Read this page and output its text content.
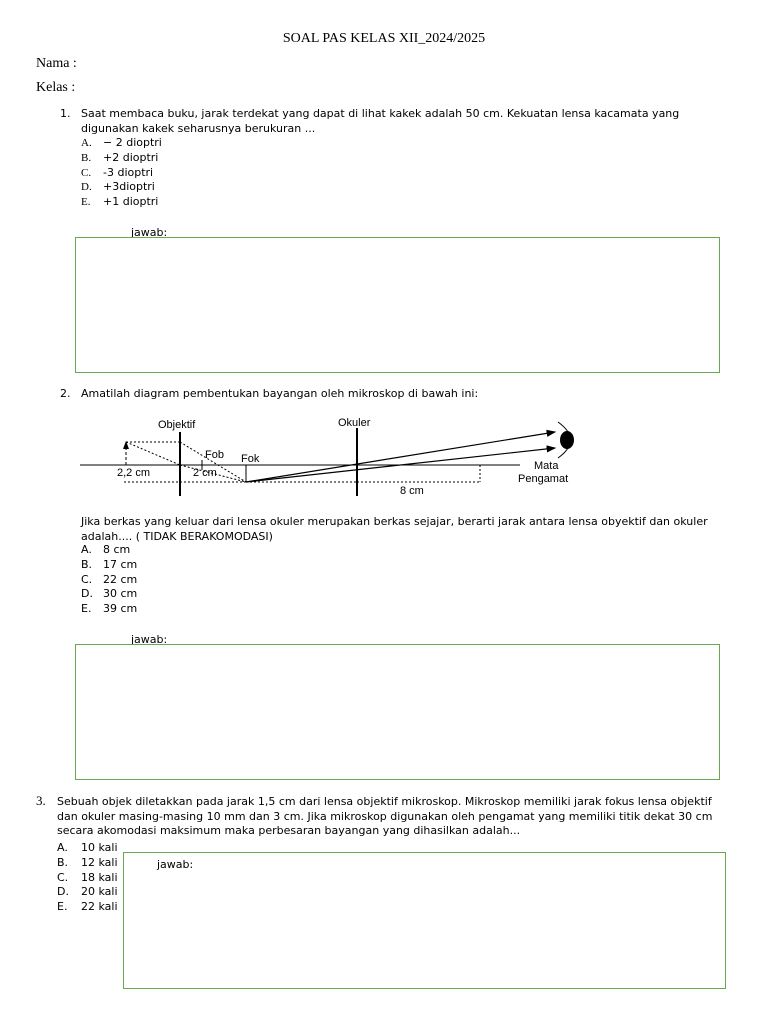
SOAL PAS KELAS XII_2024/2025
Nama :
Kelas :
1. Saat membaca buku, jarak terdekat yang dapat di lihat kakek adalah 50 cm. Kekuatan lensa kacamata yang
digunakan kakek seharusnya berukuran ...
A. − 2 dioptri
B. +2 dioptri
C. -3 dioptri
D. +3dioptri
E. +1 dioptri
jawab:
2. Amatilah diagram pembentukan bayangan oleh mikroskop di bawah ini:
Objektif	Okuler
Fob Fok
2,2 cm	2 cm
8 cm
Mata
Pengamat
Jika berkas yang keluar dari lensa okuler merupakan berkas sejajar, berarti jarak antara lensa obyektif dan okuler
adalah.... ( TIDAK BERAKOMODASI)
A. 8 cm
B. 17 cm
C. 22 cm
D. 30 cm
E. 39 cm
jawab:
3. Sebuah objek diletakkan pada jarak 1,5 cm dari lensa objektif mikroskop. Mikroskop memiliki jarak fokus lensa objektif
dan okuler masing-masing 10 mm dan 3 cm. Jika mikroskop digunakan oleh pengamat yang memiliki titik dekat 30 cm
secara akomodasi maksimum maka perbesaran bayangan yang dihasilkan adalah...
A. 10 kali
B. 12 kali
C. 18 kali
D. 20 kali
E. 22 kali
jawab:
